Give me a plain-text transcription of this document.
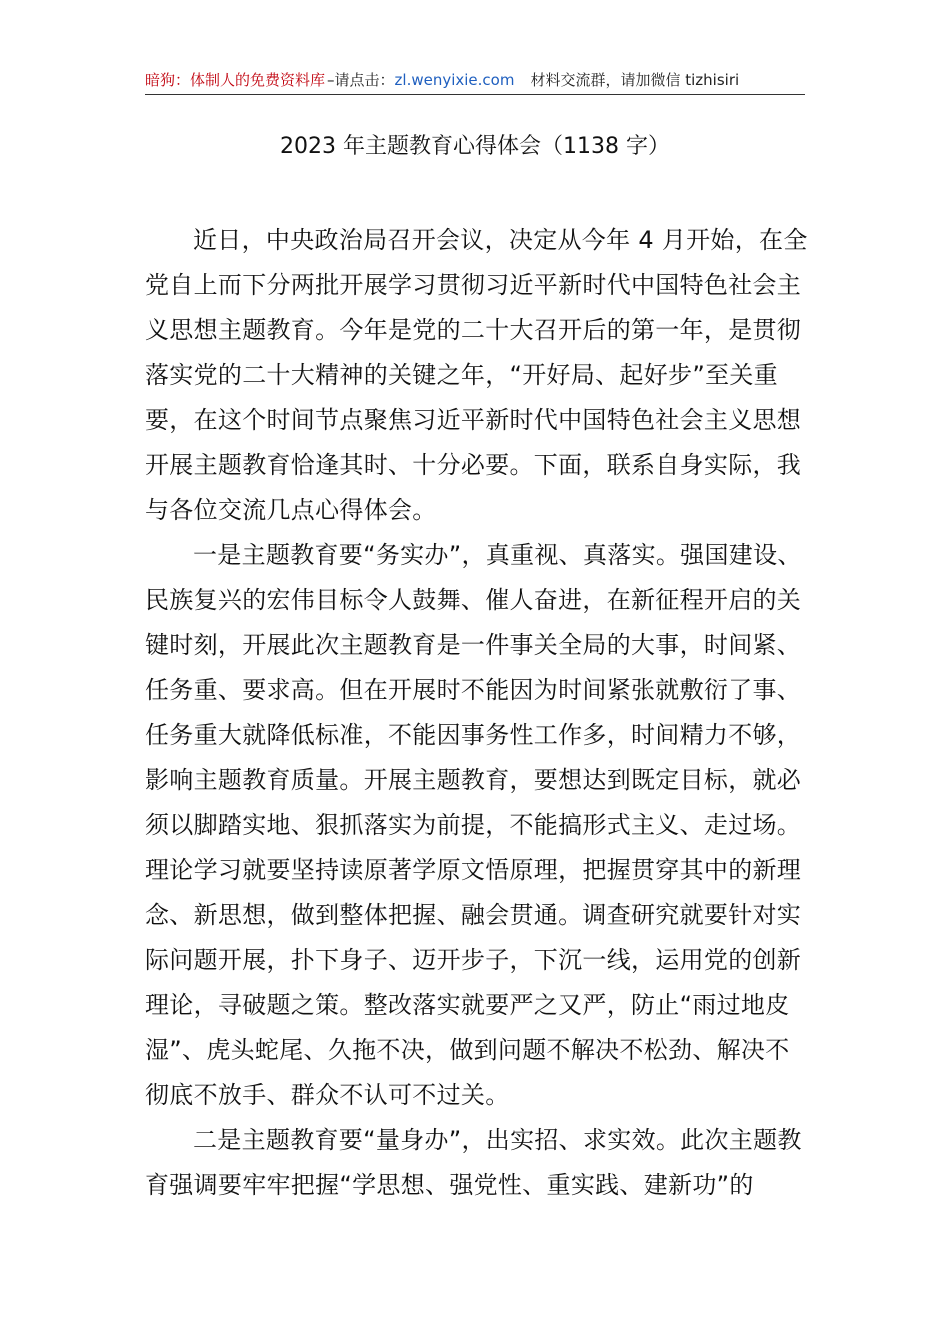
暗狗：体制人的免费资料库 –请点击：zl.wenyixie.com 材料交流群，请加微信 tizhisiri
2023 年主题教育心得体会（1138 字）

近日，中央政治局召开会议，决定从今年 4 月开始，在全党自上而下分两批开展学习贯彻习近平新时代中国特色社会主义思想主题教育。今年是党的二十大召开后的第一年，是贯彻落实党的二十大精神的关键之年，“开好局、起好步”至关重要，在这个时间节点聚焦习近平新时代中国特色社会主义思想开展主题教育恰逢其时、十分必要。下面，联系自身实际，我与各位交流几点心得体会。

一是主题教育要“务实办”，真重视、真落实。强国建设、民族复兴的宏伟目标令人鼓舞、催人奋进，在新征程开启的关键时刻，开展此次主题教育是一件事关全局的大事，时间紧、任务重、要求高。但在开展时不能因为时间紧张就敷衍了事、任务重大就降低标准，不能因事务性工作多，时间精力不够，影响主题教育质量。开展主题教育，要想达到既定目标，就必须以脚踏实地、狠抓落实为前提，不能搞形式主义、走过场。理论学习就要坚持读原著学原文悟原理，把握贯穿其中的新理念、新思想，做到整体把握、融会贯通。调查研究就要针对实际问题开展，扑下身子、迈开步子，下沉一线，运用党的创新理论，寻破题之策。整改落实就要严之又严，防止“雨过地皮湿”、虎头蛇尾、久拖不决，做到问题不解决不松劲、解决不彻底不放手、群众不认可不过关。

二是主题教育要“量身办”，出实招、求实效。此次主题教育强调要牢牢把握“学思想、强党性、重实践、建新功”的
